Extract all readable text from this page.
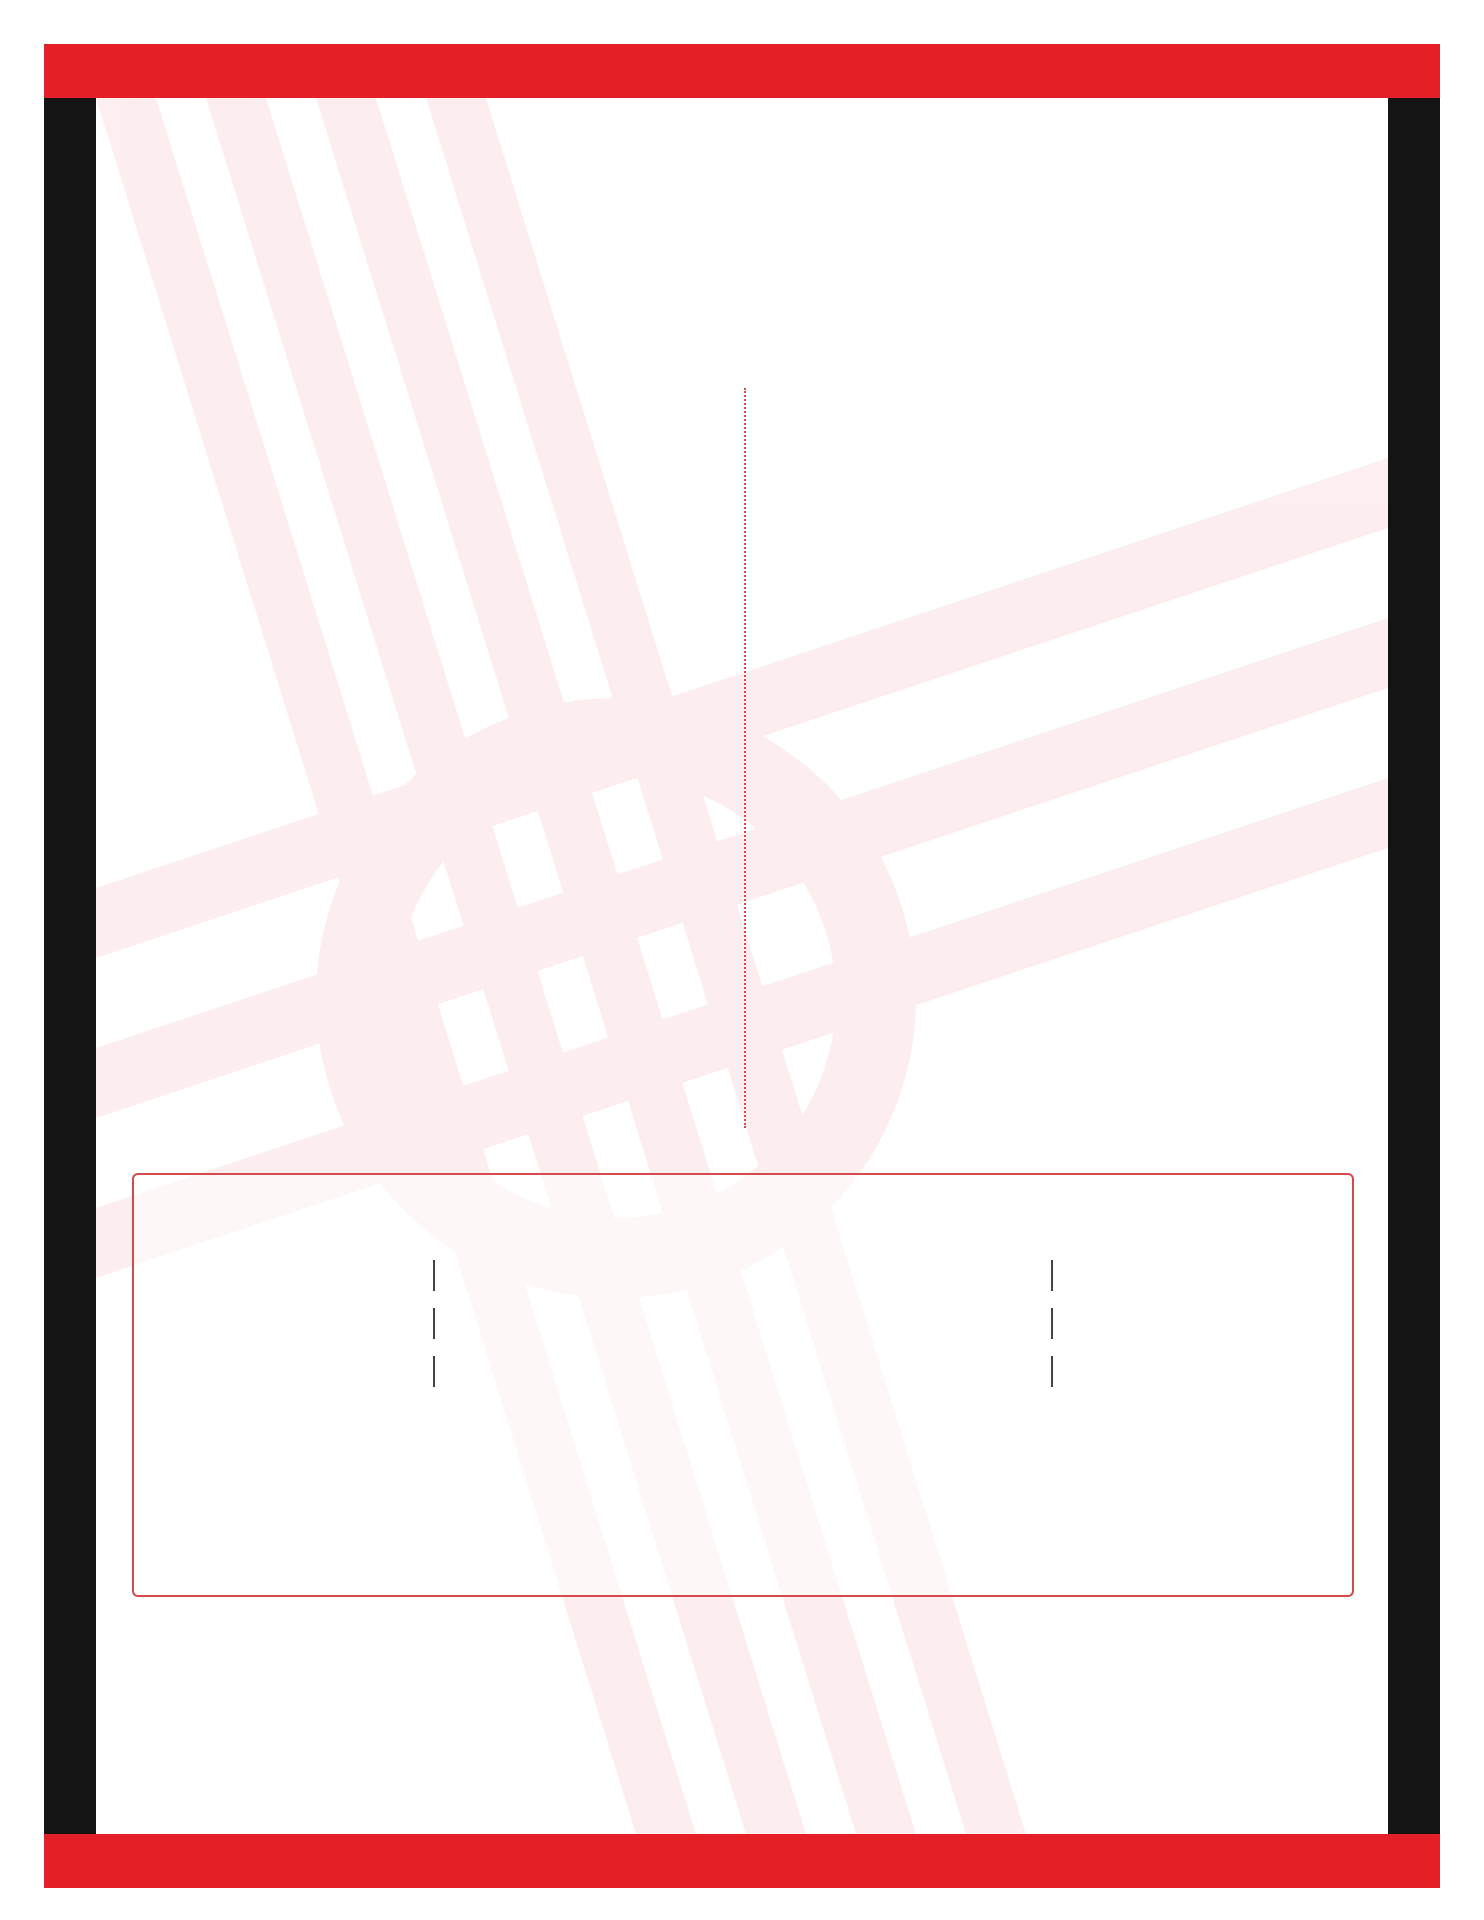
|
|
|
|
|
|
